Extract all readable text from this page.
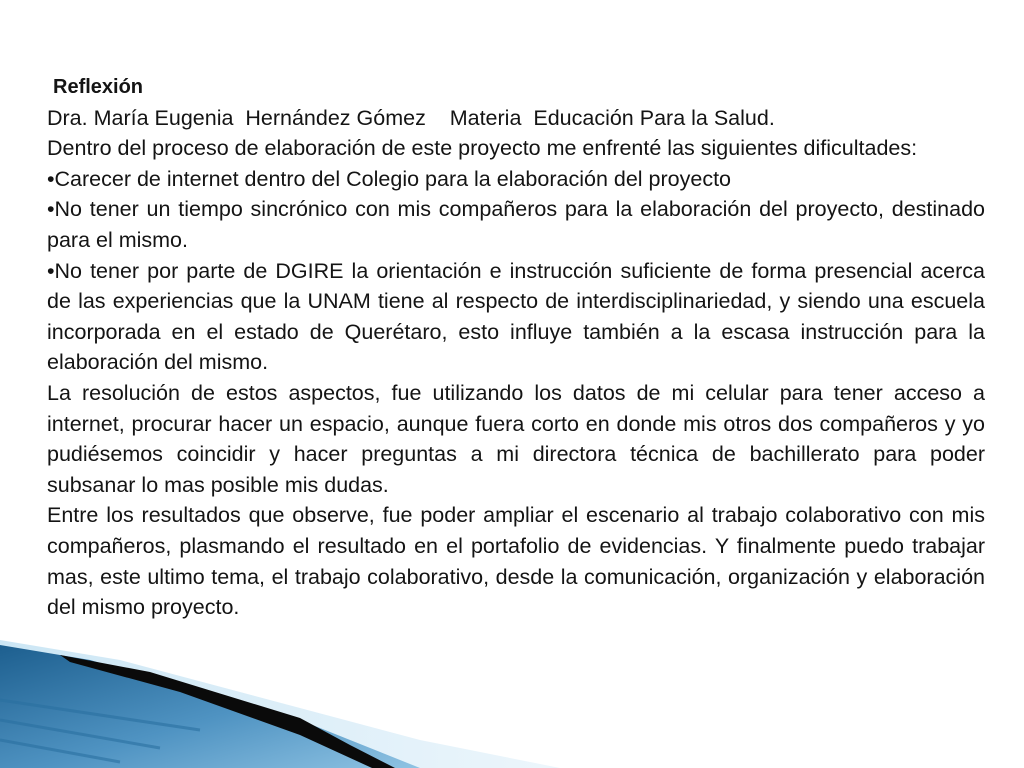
Reflexión

Dra. María Eugenia  Hernández Gómez    Materia  Educación Para la Salud.

Dentro del proceso de elaboración de este proyecto me enfrenté las siguientes dificultades:

•Carecer de internet dentro del Colegio para la elaboración del proyecto

•No tener un tiempo sincrónico con mis compañeros para la elaboración del proyecto, destinado para el mismo.

•No tener por parte de DGIRE la orientación e instrucción suficiente de forma presencial acerca de las experiencias que la UNAM tiene al respecto de interdisciplinariedad, y siendo una escuela incorporada en el estado de Querétaro, esto influye también a la escasa instrucción para la elaboración del mismo.

La resolución de estos aspectos, fue utilizando los datos de mi celular para tener acceso a internet, procurar hacer un espacio, aunque fuera corto en donde mis otros dos compañeros y yo pudiésemos coincidir y hacer preguntas a mi directora técnica de bachillerato para poder subsanar lo mas posible mis dudas.

Entre los resultados que observe, fue poder ampliar el escenario al trabajo colaborativo con mis compañeros, plasmando el resultado en el portafolio de evidencias. Y finalmente puedo trabajar mas, este ultimo tema, el trabajo colaborativo, desde la comunicación, organización y elaboración del mismo proyecto.
